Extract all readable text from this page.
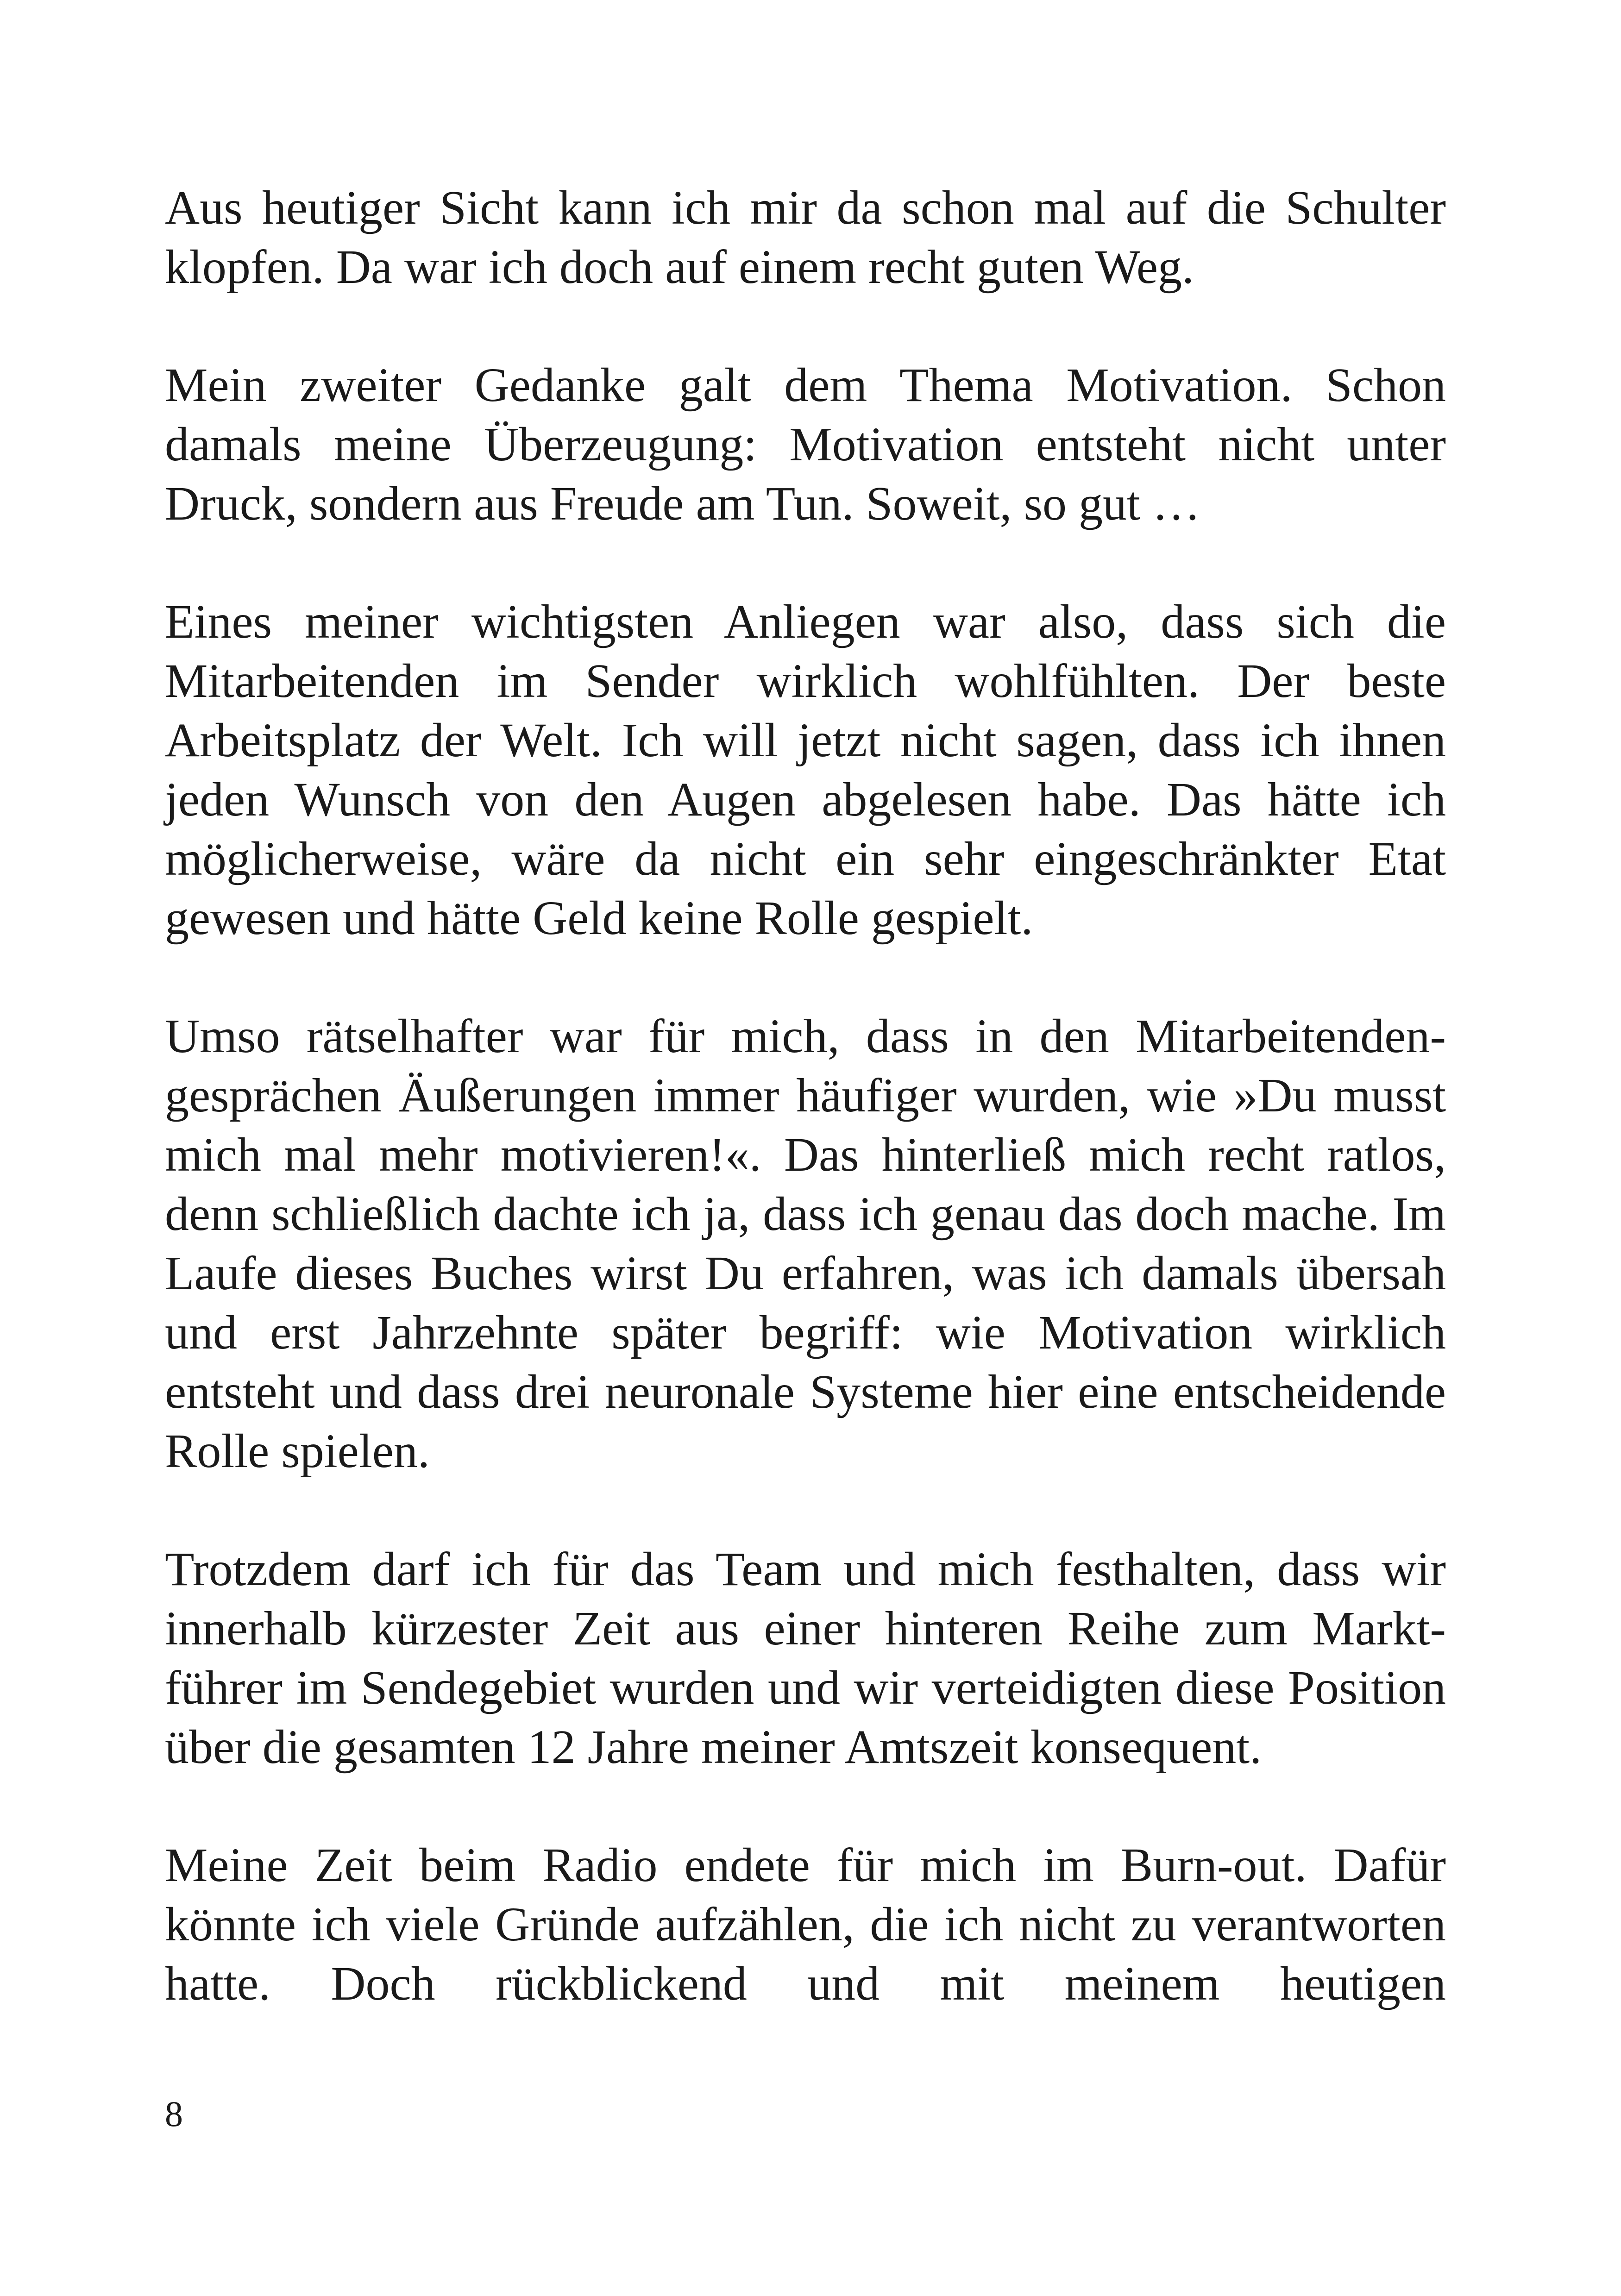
Aus heutiger Sicht kann ich mir da schon mal auf die Schulter klopfen. Da war ich doch auf einem recht guten Weg.

Mein zweiter Gedanke galt dem Thema Motivation. Schon damals meine Überzeugung: Motivation entsteht nicht unter Druck, sondern aus Freude am Tun. Soweit, so gut …

Eines meiner wichtigsten Anliegen war also, dass sich die Mitarbeitenden im Sender wirklich wohlfühlten. Der beste Arbeitsplatz der Welt. Ich will jetzt nicht sagen, dass ich ihnen jeden Wunsch von den Augen abgelesen habe. Das hätte ich möglicherweise, wäre da nicht ein sehr eingeschränkter Etat gewesen und hätte Geld keine Rolle gespielt.

Umso rätselhafter war für mich, dass in den Mitarbeitendengesprächen Äußerungen immer häufiger wurden, wie »Du musst mich mal mehr motivieren!«. Das hinterließ mich recht ratlos, denn schließlich dachte ich ja, dass ich genau das doch mache. Im Laufe dieses Buches wirst Du erfahren, was ich damals übersah und erst Jahrzehnte später begriff: wie Motivation wirklich entsteht und dass drei neuronale Systeme hier eine entscheidende Rolle spielen.

Trotzdem darf ich für das Team und mich festhalten, dass wir innerhalb kürzester Zeit aus einer hinteren Reihe zum Marktführer im Sendegebiet wurden und wir verteidigten diese Position über die gesamten 12 Jahre meiner Amtszeit konsequent.

Meine Zeit beim Radio endete für mich im Burn-out. Dafür könnte ich viele Gründe aufzählen, die ich nicht zu verantworten hatte. Doch rückblickend und mit meinem heutigen

8
